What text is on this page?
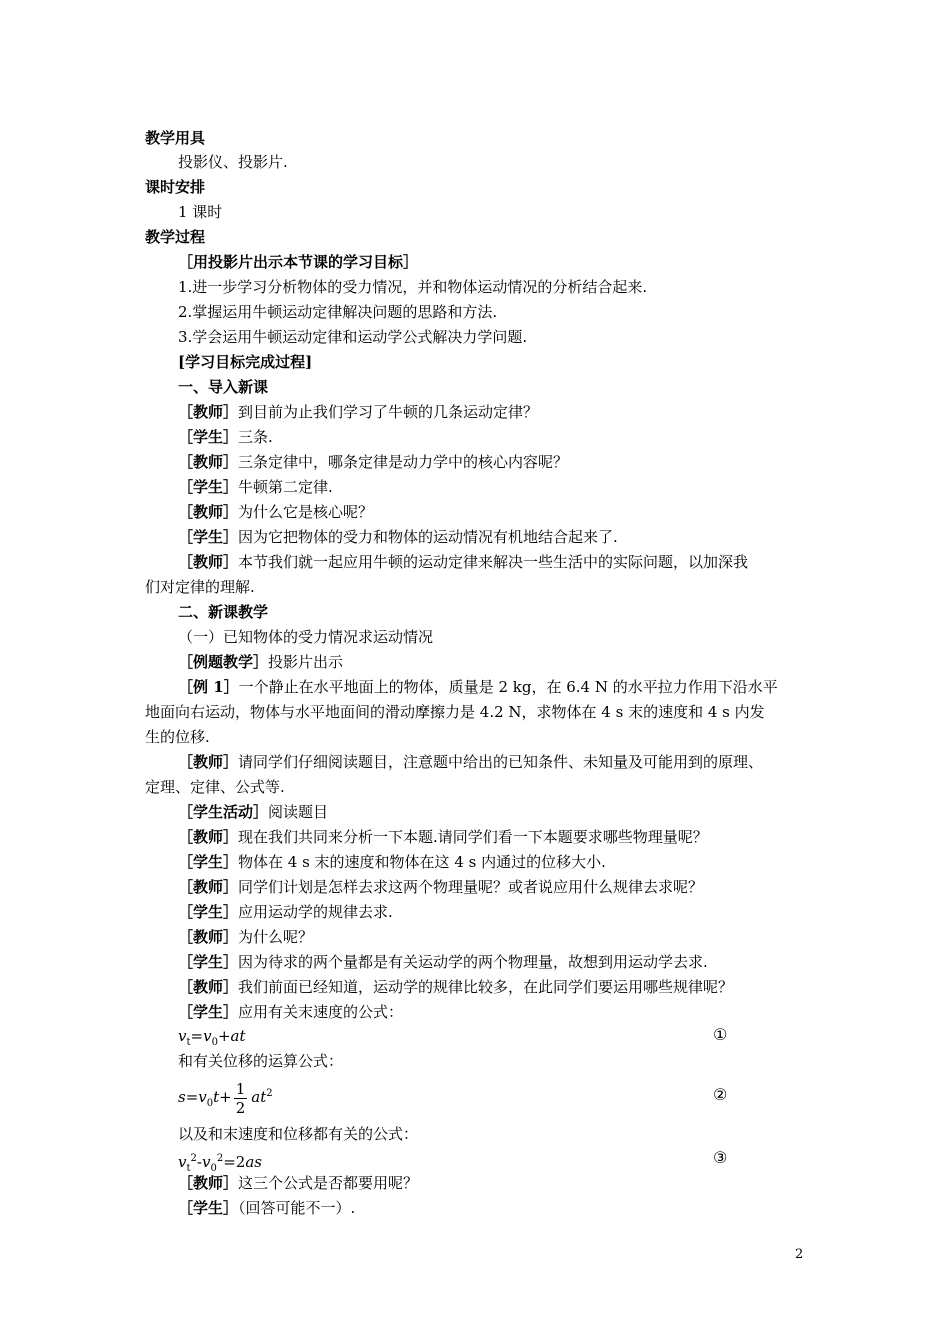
教学用具
投影仪、投影片.
课时安排
1 课时
教学过程
［用投影片出示本节课的学习目标］
1.进一步学习分析物体的受力情况，并和物体运动情况的分析结合起来.
2.掌握运用牛顿运动定律解决问题的思路和方法.
3.学会运用牛顿运动定律和运动学公式解决力学问题.
[学习目标完成过程]
一、导入新课
［教师］到目前为止我们学习了牛顿的几条运动定律？
［学生］三条.
［教师］三条定律中，哪条定律是动力学中的核心内容呢？
［学生］牛顿第二定律.
［教师］为什么它是核心呢？
［学生］因为它把物体的受力和物体的运动情况有机地结合起来了.
［教师］本节我们就一起应用牛顿的运动定律来解决一些生活中的实际问题，以加深我
们对定律的理解.
二、新课教学
（一）已知物体的受力情况求运动情况
［例题教学］投影片出示
［例 1］一个静止在水平地面上的物体，质量是 2 kg，在 6.4 N 的水平拉力作用下沿水平
地面向右运动，物体与水平地面间的滑动摩擦力是 4.2 N，求物体在 4 s 末的速度和 4 s 内发
生的位移.
［教师］请同学们仔细阅读题目，注意题中给出的已知条件、未知量及可能用到的原理、
定理、定律、公式等.
［学生活动］阅读题目
［教师］现在我们共同来分析一下本题.请同学们看一下本题要求哪些物理量呢？
［学生］物体在 4 s 末的速度和物体在这 4 s 内通过的位移大小.
［教师］同学们计划是怎样去求这两个物理量呢？或者说应用什么规律去求呢？
［学生］应用运动学的规律去求.
［教师］为什么呢？
［学生］因为待求的两个量都是有关运动学的两个物理量，故想到用运动学去求.
［教师］我们前面已经知道，运动学的规律比较多，在此同学们要运用哪些规律呢？
［学生］应用有关末速度的公式：
$v_t=v_0+at$	①
和有关位移的运算公式：
$s=v_0t+ \frac{1}{2} at^2$	②
以及和末速度和位移都有关的公式：
$v_t^2-v_0^2=2as$	③
［教师］这三个公式是否都要用呢？
［学生］（回答可能不一）.
2
